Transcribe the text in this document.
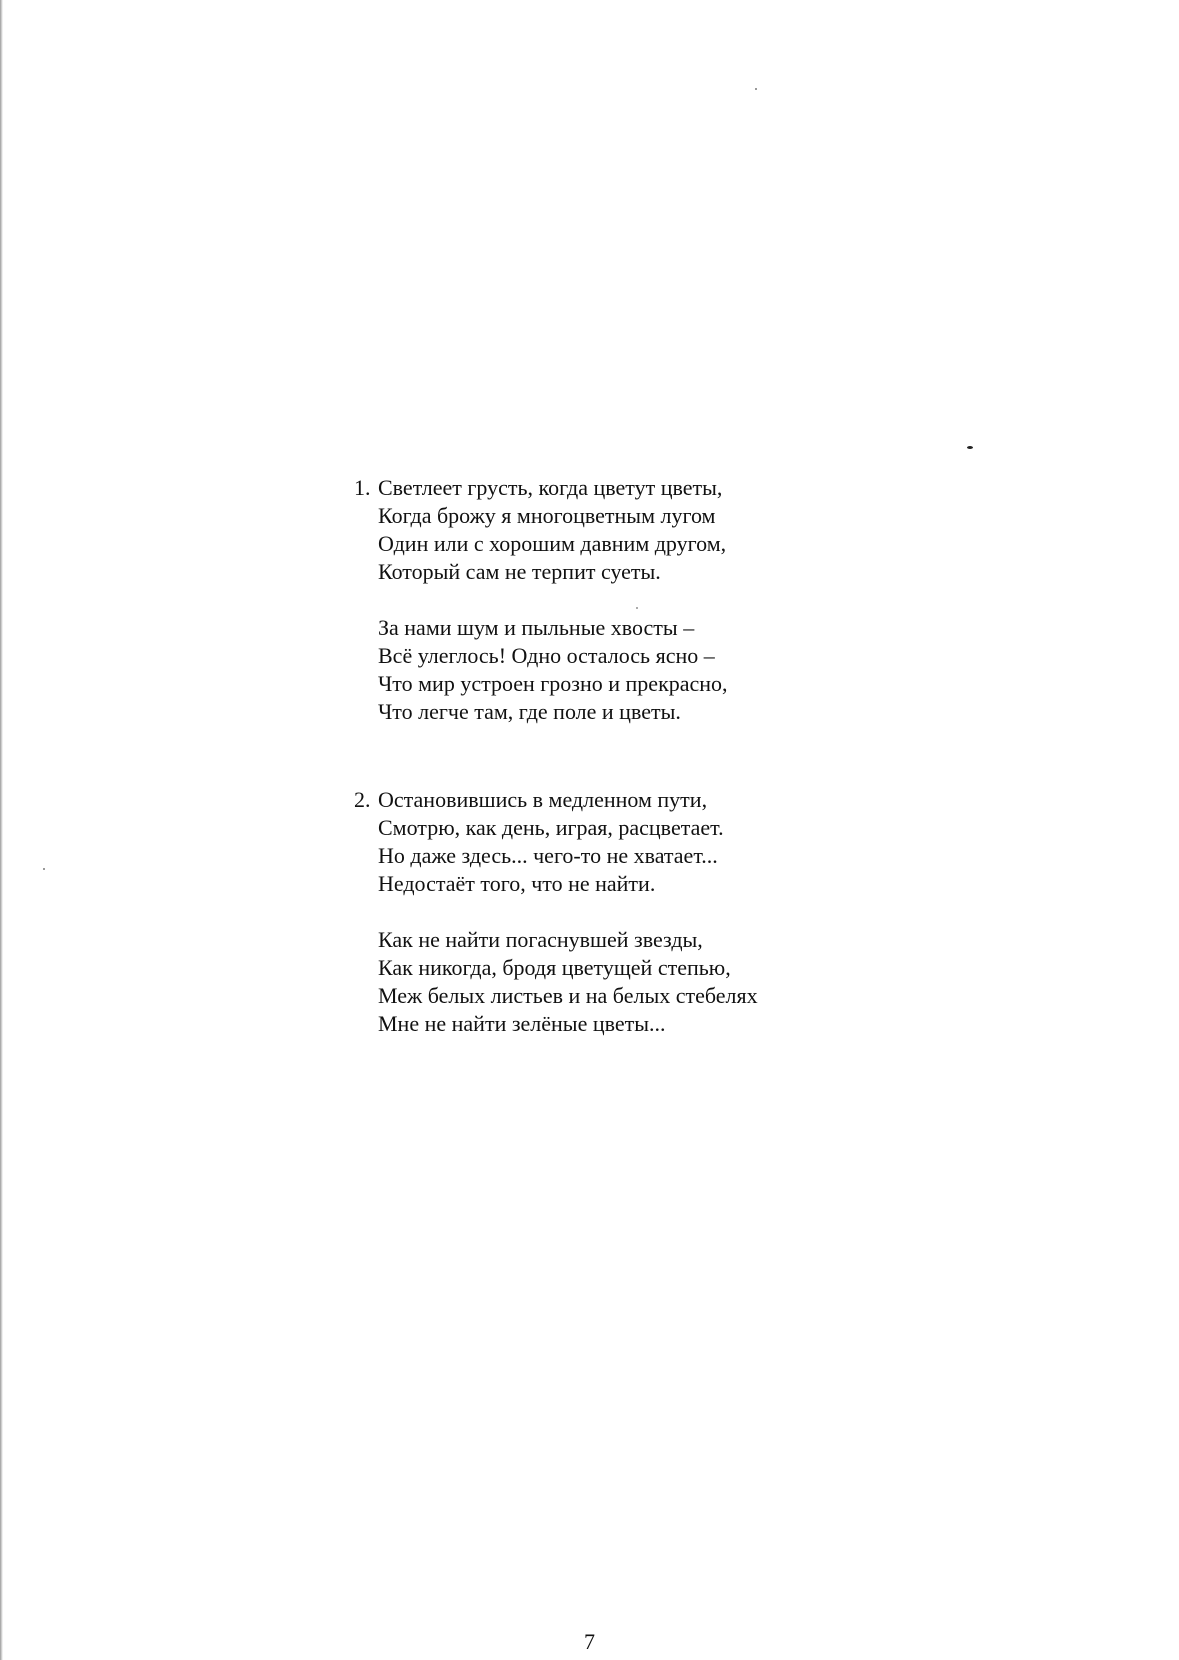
1. Светлеет грусть, когда цветут цветы,
Когда брожу я многоцветным лугом
Один или с хорошим давним другом,
Который сам не терпит суеты.
За нами шум и пыльные хвосты –
Всё улеглось! Одно осталось ясно –
Что мир устроен грозно и прекрасно,
Что легче там, где поле и цветы.
2. Остановившись в медленном пути,
Смотрю, как день, играя, расцветает.
Но даже здесь... чего-то не хватает...
Недостаёт того, что не найти.
Как не найти погаснувшей звезды,
Как никогда, бродя цветущей степью,
Меж белых листьев и на белых стебелях
Мне не найти зелёные цветы...
7
